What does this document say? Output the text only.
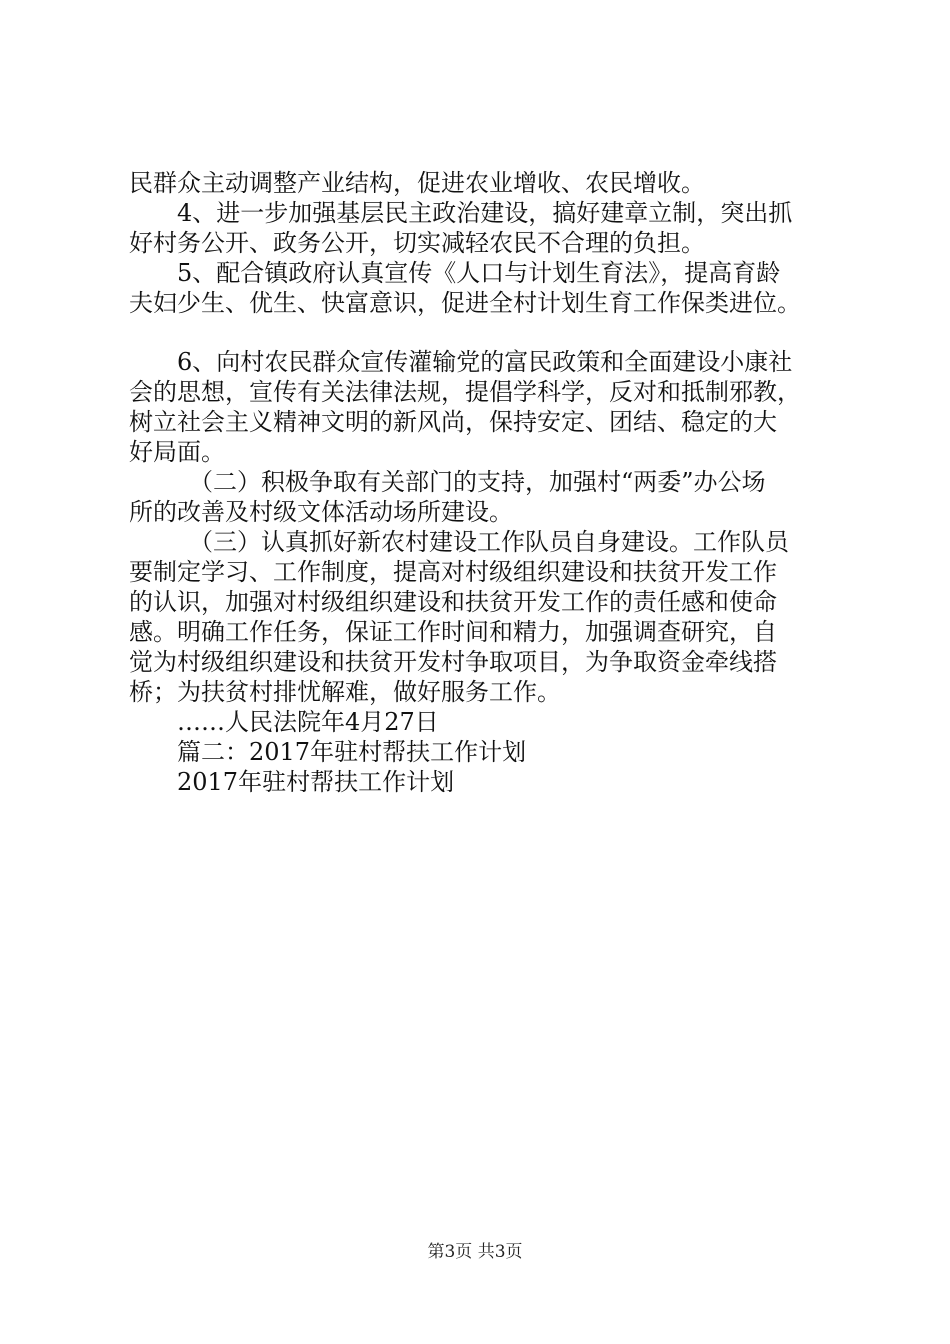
民群众主动调整产业结构，促进农业增收、农民增收。
4、进一步加强基层民主政治建设，搞好建章立制，突出抓
好村务公开、政务公开，切实减轻农民不合理的负担。
5、配合镇政府认真宣传《人口与计划生育法》，提高育龄
夫妇少生、优生、快富意识，促进全村计划生育工作保类进位。
6、向村农民群众宣传灌输党的富民政策和全面建设小康社
会的思想，宣传有关法律法规，提倡学科学，反对和抵制邪教，
树立社会主义精神文明的新风尚，保持安定、团结、稳定的大
好局面。
（二）积极争取有关部门的支持，加强村“两委”办公场
所的改善及村级文体活动场所建设。
（三）认真抓好新农村建设工作队员自身建设。工作队员
要制定学习、工作制度，提高对村级组织建设和扶贫开发工作
的认识，加强对村级组织建设和扶贫开发工作的责任感和使命
感。明确工作任务，保证工作时间和精力，加强调查研究，自
觉为村级组织建设和扶贫开发村争取项目，为争取资金牵线搭
桥；为扶贫村排忧解难，做好服务工作。
……人民法院年4月27日
篇二：2017年驻村帮扶工作计划
2017年驻村帮扶工作计划
第3页 共3页
